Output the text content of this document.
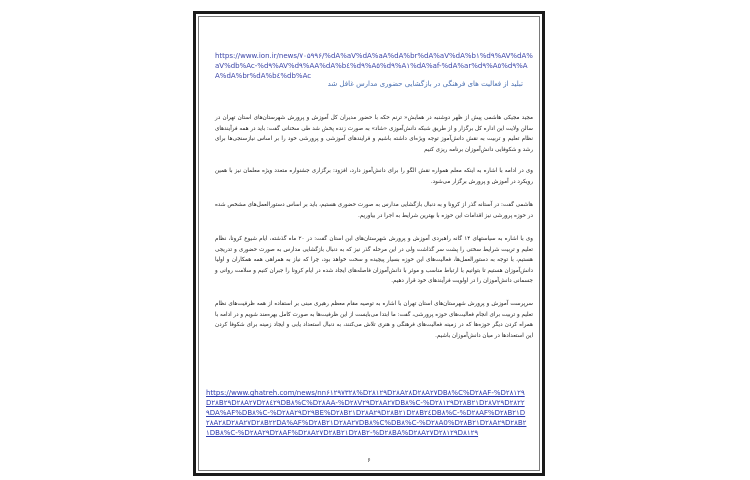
https://www.ion.ir/news/۷۰۵۹۹۶/%dA%aV%dA%aA%dA%br%dA%aV%dA%b۱%d۹%AV%dA%aV%db%Ac-%d۹%AV%d۹%AA%dA%b٤%d۹%A٥%d۹%A۱%dA%af-%dA%ar%d۹%A٥%d۹%AA%dA%br%dA%b٤%db%Ac
تبلید از فعالیت های فرهنگی در بازگشایی حضوری مدارس غافل شد
مجید مجیکی هاشمی پیش از ظهر دوشنبه در همایش« ترنم حکه با حضور مدیران کل آموزش و پرورش شهرستان‌های استان تهران در سالن ولایت این اداره کل برگزار و از طریق شبکه دانش‌آموزی «شاد» به صورت زنده پخش شد طی سخنانی گفت: باید در همه فرآیندهای نظام تعلیم و تربیت به نقش دانش‌آموز توجه ویژه‌ای داشته باشیم و فرایندهای آموزشی و پرورشی خود را بر اساس نیازسنجی‌ها برای رشد و شکوفایی دانش‌آموزان برنامه ریزی کنیم
وی در ادامه با اشاره به اینکه معلم همواره نقش الگو را برای دانش‌آموز دارد، افزود: برگزاری جشنواره متعدد ویژه معلمان نیز با همین رویکرد در آموزش و پرورش برگزار می‌شود.
هاشمی گفت: در آستانه گذر از کرونا و به دنبال بازگشایی مدارس به صورت حضوری هستیم، باید بر اساس دستورالعمل‌های مشخص شده در حوزه پرورشی نیز اقدامات این حوزه با بهترین شرایط به اجرا در بیاوریم.
وی با اشاره به سیاستهای ۱۴ گانه راهبردی آموزش و پرورش شهرستان‌های این استان گفت: در ۲۰ ماه گذشته، ایام شیوع کرونا، نظام تعلیم و تربیت شرایط سختی را پشت سر گذاشت ولی در این مرحله گذر نیز که به دنبال بازگشایی مدارس به صورت حضوری و تدریجی هستیم، با توجه به دستورالعمل‌ها، فعالیت‌های این حوزه بسیار پیچیده و سخت خواهد بود، چرا که نیاز به همراهی همه همکاران و اولیا دانش‌آموزان هستیم تا بتوانیم با ارتباط مناسب و موثر با دانش‌آموزان فاصله‌های ایجاد شده در ایام کرونا را جبران کنیم و سلامت روانی و جسمانی دانش‌آموزان را در اولویت فرآیندهای خود قرار دهیم.
سرپرست آموزش و پرورش شهرستان‌های استان تهران با اشاره به توصیه مقام معظم رهبری مبنی بر استفاده از همه ظرفیت‌های نظام تعلیم و تربیت برای انجام فعالیت‌های حوزه پرورشی، گفت: ما ابتدا می‌بایست از این ظرفیت‌ها به صورت کامل بهره‌مند شویم و در ادامه با همراه کردن دیگر حوزه‌ها که در زمینه فعالیت‌های فرهنگی و هنری تلاش می‌کنند، به دنبال استعداد یابی و ایجاد زمینه برای شکوفا کردن این استعدادها در میان دانش‌آموزان باشیم.
https://www.ghatreh.com/news/nn۶۱۲۹۷۳۲۸%D۲۸۱۲۹D۲۸A۲۸D۲۸A۲۷DB۸%C%D۲۸AF-%D۲۸۱۲۹D۲۸B۲۹D۲۸A۲۷D۲۸٤۲۹DB۸%C%D۲۸AA-%D۲۸V۲۹D۲۸A۲۷DB۸%C-%D۲۸۱۲۹D۲۸B۲۱D۲۸V۲۹D۲۸۲۲۹DA%AF%DB۸%C-%D۲۸A۲۹D۲۹BE%D۲۸B۲۱D۲۸A۲۹D۲۸B۲۱D۲۸B۲٤DB۸%C-%D۲۸AF%D۲۸B۲۱D۲۸A۲۸D۲۸A۲۷D۲۸B۲۲DA%AF%D۲۸B۲۱D۲۸A۲۷DB۸%C%DB۸%C-%D۲۸A0%D۲۸B۲۱D۲۸A۲۹D۲۸B۲۱DB۸%C-%D۲۸A۲۹D۲۸AF%D۲۸A۲۷D۲۸B۲۱D۲۸B۲-%D۲۸BA%D۲۸A۲۷D۲۸۱۲۹D۸۱۲۹
۶
